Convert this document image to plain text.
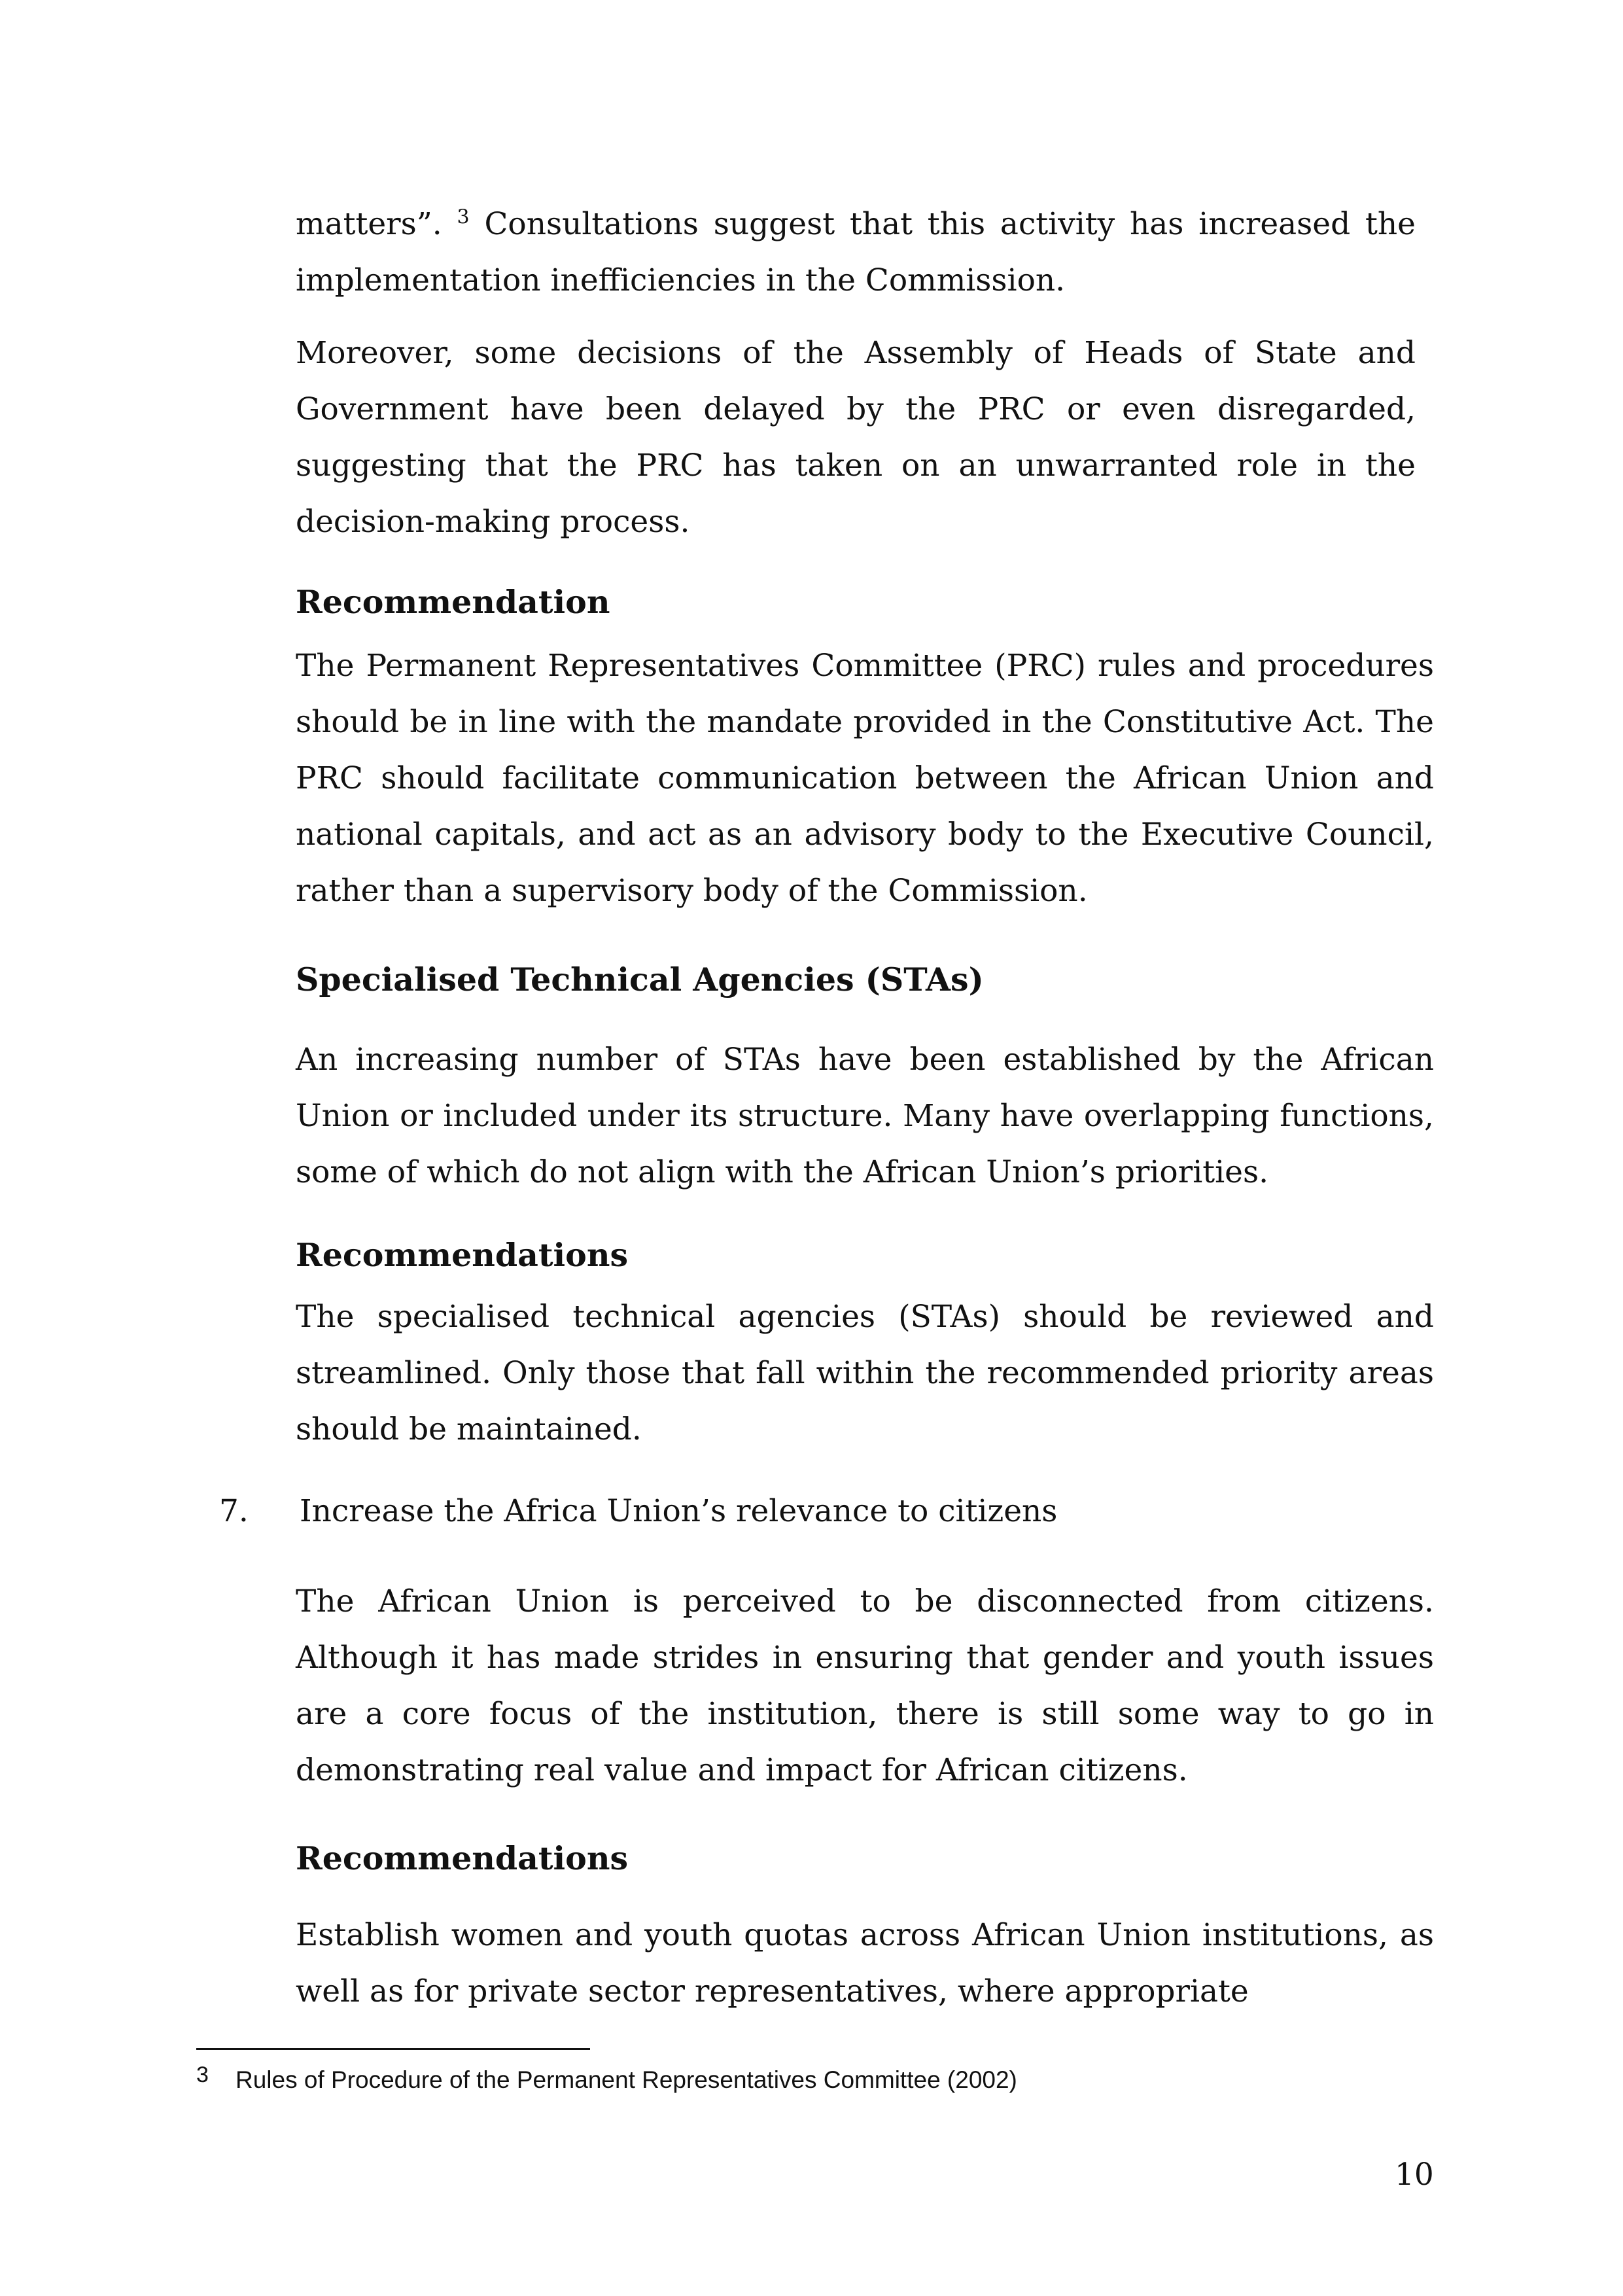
matters”. $^3$ Consultations suggest that this activity has increased the implementation inefficiencies in the Commission.

Moreover, some decisions of the Assembly of Heads of State and Government have been delayed by the PRC or even disregarded, suggesting that the PRC has taken on an unwarranted role in the decision-making process.

Recommendation

The Permanent Representatives Committee (PRC) rules and procedures should be in line with the mandate provided in the Constitutive Act. The PRC should facilitate communication between the African Union and national capitals, and act as an advisory body to the Executive Council, rather than a supervisory body of the Commission.

Specialised Technical Agencies (STAs)

An increasing number of STAs have been established by the African Union or included under its structure. Many have overlapping functions, some of which do not align with the African Union’s priorities.

Recommendations

The specialised technical agencies (STAs) should be reviewed and streamlined. Only those that fall within the recommended priority areas should be maintained.

7. Increase the Africa Union’s relevance to citizens

The African Union is perceived to be disconnected from citizens. Although it has made strides in ensuring that gender and youth issues are a core focus of the institution, there is still some way to go in demonstrating real value and impact for African citizens.

Recommendations

Establish women and youth quotas across African Union institutions, as well as for private sector representatives, where appropriate

3 Rules of Procedure of the Permanent Representatives Committee (2002)
10
